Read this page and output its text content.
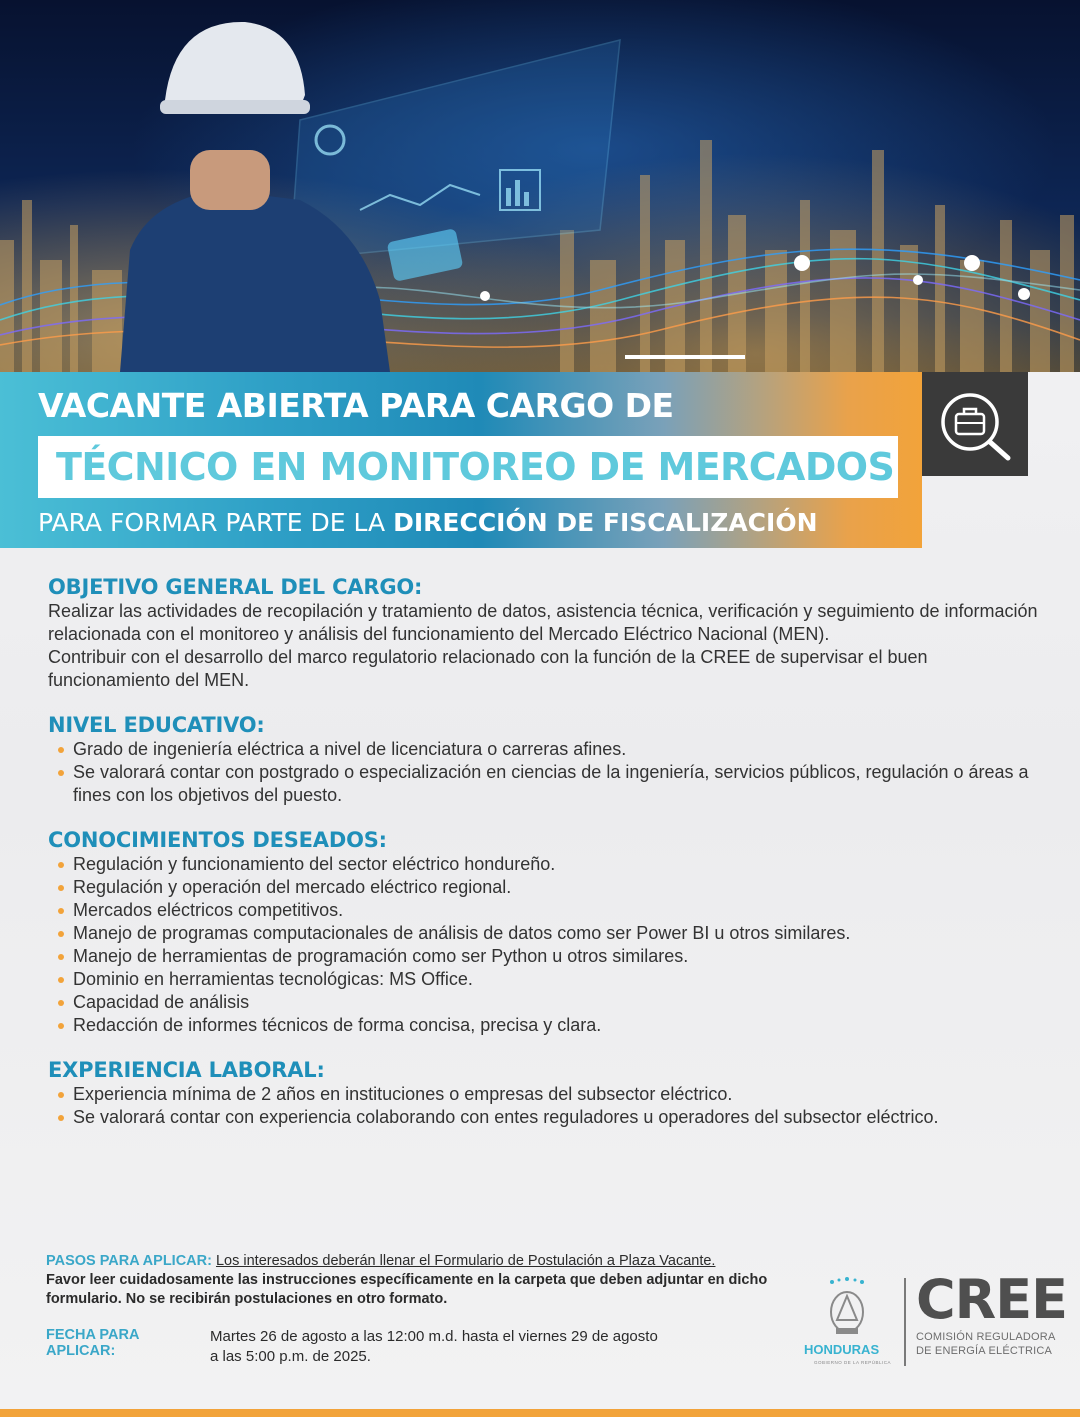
VACANTE ABIERTA PARA CARGO DE
TÉCNICO EN MONITOREO DE MERCADOS
PARA FORMAR PARTE DE LA DIRECCIÓN DE FISCALIZACIÓN
OBJETIVO GENERAL DEL CARGO:

Realizar las actividades de recopilación y tratamiento de datos, asistencia técnica, verificación y seguimiento de información relacionada con el monitoreo y análisis del funcionamiento del Mercado Eléctrico Nacional (MEN).

Contribuir con el desarrollo del marco regulatorio relacionado con la función de la CREE de supervisar el buen funcionamiento del MEN.

NIVEL EDUCATIVO:
Grado de ingeniería eléctrica a nivel de licenciatura o carreras afines.
Se valorará contar con postgrado o especialización en ciencias de la ingeniería, servicios públicos, regulación o áreas a fines con los objetivos del puesto.
CONOCIMIENTOS DESEADOS:
Regulación y funcionamiento del sector eléctrico hondureño.
Regulación y operación del mercado eléctrico regional.
Mercados eléctricos competitivos.
Manejo de programas computacionales de análisis de datos como ser Power BI u otros similares.
Manejo de herramientas de programación como ser Python u otros similares.
Dominio en herramientas tecnológicas: MS Office.
Capacidad de análisis
Redacción de informes técnicos de forma concisa, precisa y clara.
EXPERIENCIA LABORAL:
Experiencia mínima de 2 años en instituciones o empresas del subsector eléctrico.
Se valorará contar con experiencia colaborando con entes reguladores u operadores del subsector eléctrico.
PASOS PARA APLICAR: Los interesados deberán llenar el Formulario de Postulación a Plaza Vacante.
Favor leer cuidadosamente las instrucciones específicamente en la carpeta que deben adjuntar en dicho formulario. No se recibirán postulaciones en otro formato.
FECHA PARA APLICAR:Martes 26 de agosto a las 12:00 m.d. hasta el viernes 29 de agosto
a las 5:00 p.m. de 2025.	HONDURAS
GOBIERNO DE LA REPÚBLICA
CREE
COMISIÓN REGULADORA
DE ENERGÍA ELÉCTRICA
